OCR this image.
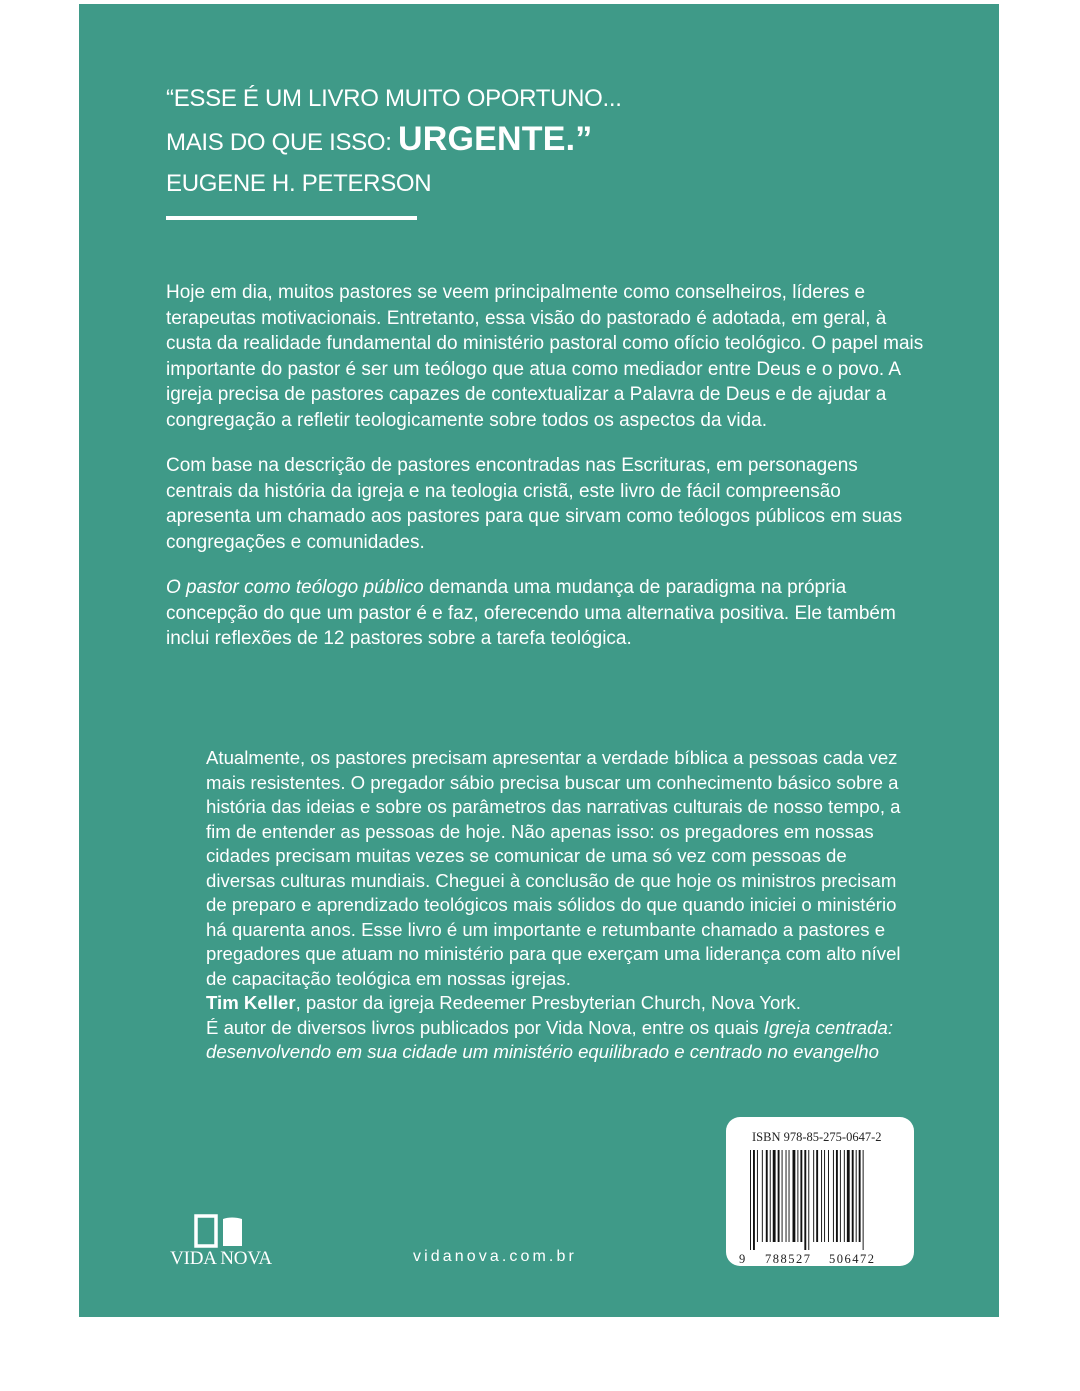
“ESSE É UM LIVRO MUITO OPORTUNO...
MAIS DO QUE ISSO: URGENTE.”
EUGENE H. PETERSON

Hoje em dia, muitos pastores se veem principalmente como conselheiros, líderes e terapeutas motivacionais. Entretanto, essa visão do pastorado é adotada, em geral, à custa da realidade fundamental do ministério pastoral como ofício teológico. O papel mais importante do pastor é ser um teólogo que atua como mediador entre Deus e o povo. A igreja precisa de pastores capazes de contextualizar a Palavra de Deus e de ajudar a congregação a refletir teologicamente sobre todos os aspectos da vida.

Com base na descrição de pastores encontradas nas Escrituras, em personagens centrais da história da igreja e na teologia cristã, este livro de fácil compreensão apresenta um chamado aos pastores para que sirvam como teólogos públicos em suas congregações e comunidades.

O pastor como teólogo público demanda uma mudança de paradigma na própria concepção do que um pastor é e faz, oferecendo uma alternativa positiva. Ele também inclui reflexões de 12 pastores sobre a tarefa teológica.

Atualmente, os pastores precisam apresentar a verdade bíblica a pessoas cada vez mais resistentes. O pregador sábio precisa buscar um conhecimento básico sobre a história das ideias e sobre os parâmetros das narrativas culturais de nosso tempo, a fim de entender as pessoas de hoje. Não apenas isso: os pregadores em nossas cidades precisam muitas vezes se comunicar de uma só vez com pessoas de diversas culturas mundiais. Cheguei à conclusão de que hoje os ministros precisam de preparo e aprendizado teológicos mais sólidos do que quando iniciei o ministério há quarenta anos. Esse livro é um importante e retumbante chamado a pastores e pregadores que atuam no ministério para que exerçam uma liderança com alto nível de capacitação teológica em nossas igrejas.

Tim Keller, pastor da igreja Redeemer Presbyterian Church, Nova York.
É autor de diversos livros publicados por Vida Nova, entre os quais Igreja centrada: desenvolvendo em sua cidade um ministério equilibrado e centrado no evangelho

VIDA NOVA	vidanova.com.br
ISBN 978-85-275-0647-2
9 788527 506472
